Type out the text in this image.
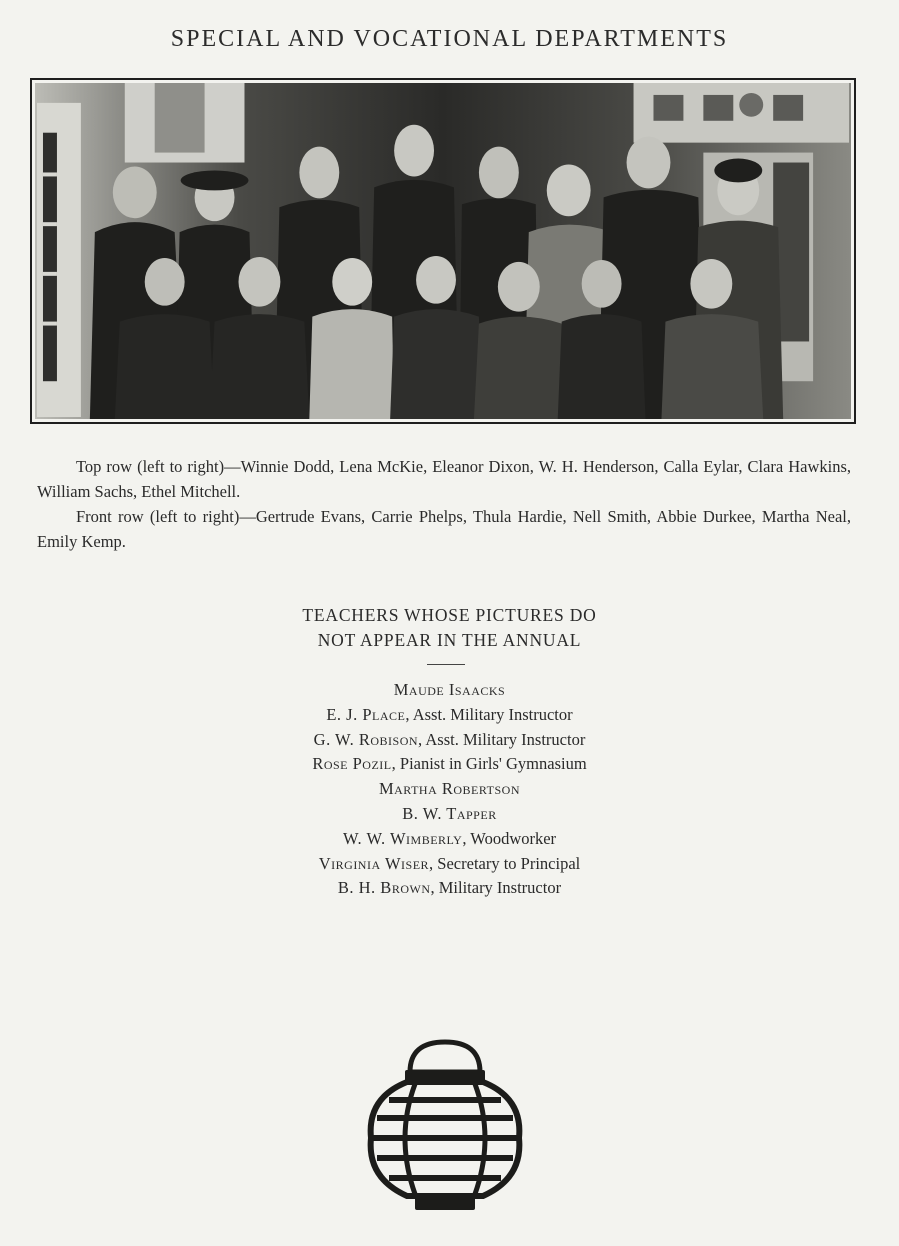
SPECIAL AND VOCATIONAL DEPARTMENTS

Top row (left to right)—Winnie Dodd, Lena McKie, Eleanor Dixon, W. H. Henderson, Calla Eylar, Clara Hawkins, William Sachs, Ethel Mitchell.

Front row (left to right)—Gertrude Evans, Carrie Phelps, Thula Hardie, Nell Smith, Abbie Durkee, Martha Neal, Emily Kemp.

TEACHERS WHOSE PICTURES DO
NOT APPEAR IN THE ANNUAL
Maude Isaacks
E. J. Place, Asst. Military Instructor
G. W. Robison, Asst. Military Instructor
Rose Pozil, Pianist in Girls' Gymnasium
Martha Robertson
B. W. Tapper
W. W. Wimberly, Woodworker
Virginia Wiser, Secretary to Principal
B. H. Brown, Military Instructor
